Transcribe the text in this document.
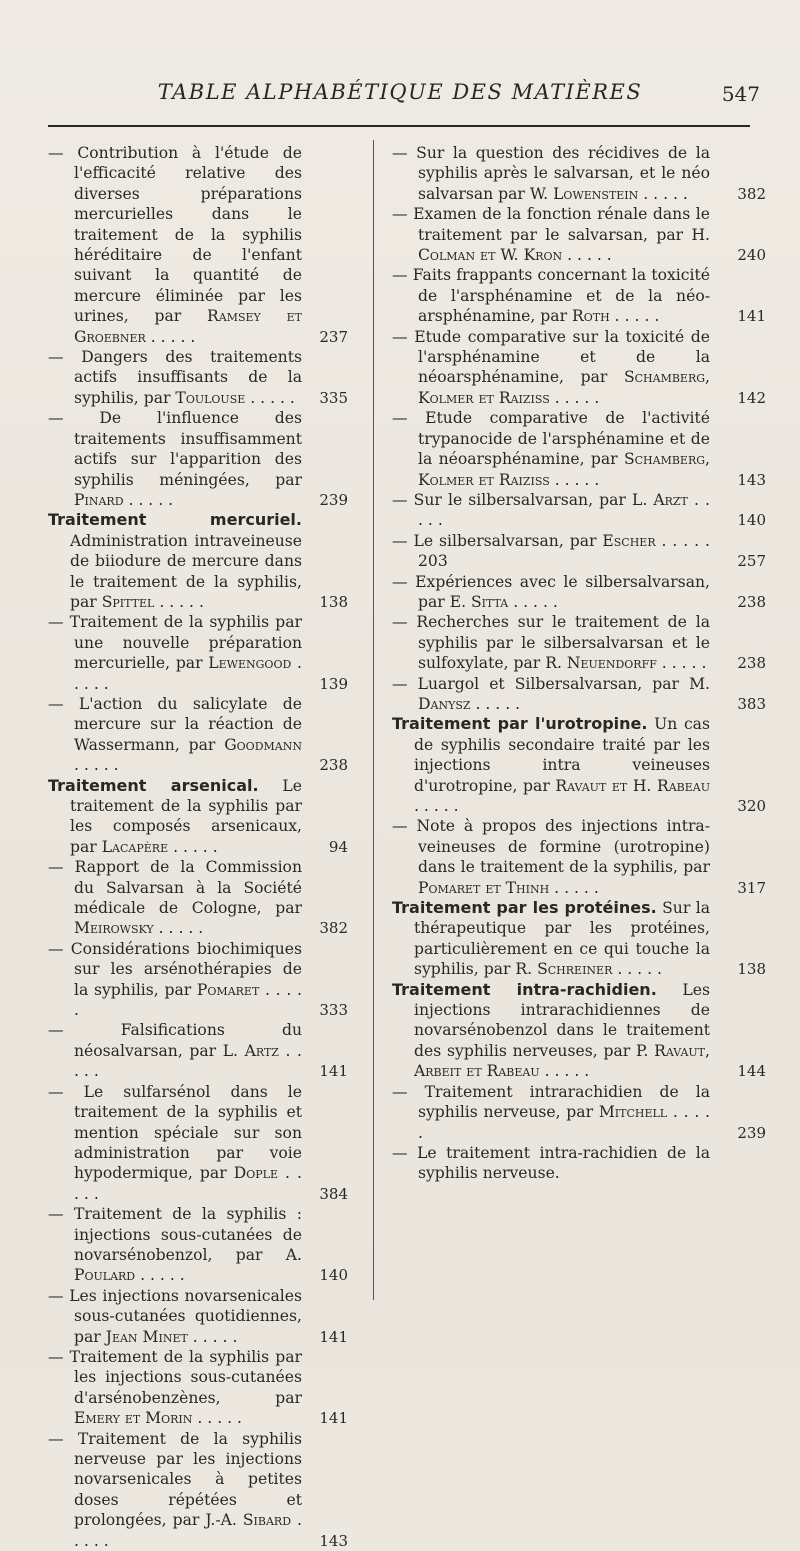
TABLE ALPHABÉTIQUE DES MATIÈRES	547
— Contribution à l'étude de l'efficacité relative des diverses préparations mercurielles dans le traitement de la syphilis héréditaire de l'enfant suivant la quantité de mercure éliminée par les urines, par Ramsey et Groebner . . . . .	237
— Dangers des traitements actifs insuffisants de la syphilis, par Toulouse . . . . .	335
— De l'influence des traitements insuffisamment actifs sur l'apparition des syphilis méningées, par Pinard . . . . .	239
Traitement mercuriel. Administration intraveineuse de biiodure de mercure dans le traitement de la syphilis, par Spittel . . . . .	138
— Traitement de la syphilis par une nouvelle préparation mercurielle, par Lewengood . . . . .	139
— L'action du salicylate de mercure sur la réaction de Wassermann, par Goodmann . . . . .	238
Traitement arsenical. Le traitement de la syphilis par les composés arsenicaux, par Lacapère . . . . .	94
— Rapport de la Commission du Salvarsan à la Société médicale de Cologne, par Meirowsky . . . . .	382
— Considérations biochimiques sur les arsénothérapies de la syphilis, par Pomaret . . . . .	333
— Falsifications du néosalvarsan, par L. Artz . . . . .	141
— Le sulfarsénol dans le traitement de la syphilis et mention spéciale sur son administration par voie hypodermique, par Dople . . . . .	384
— Traitement de la syphilis : injections sous-cutanées de novarsénobenzol, par A. Poulard . . . . .	140
— Les injections novarsenicales sous-cutanées quotidiennes, par Jean Minet . . . . .	141
— Traitement de la syphilis par les injections sous-cutanées d'arsénobenzènes, par Emery et Morin . . . . .	141
— Traitement de la syphilis nerveuse par les injections novarsenicales à petites doses répétées et prolongées, par J.-A. Sibard . . . . .	143
— Sur la question des récidives de la syphilis après le salvarsan, et le néo salvarsan par W. Lowenstein . . . . .	382
— Examen de la fonction rénale dans le traitement par le salvarsan, par H. Colman et W. Kron . . . . .	240
— Faits frappants concernant la toxicité de l'arsphénamine et de la néo-arsphénamine, par Roth . . . . .	141
— Etude comparative sur la toxicité de l'arsphénamine et de la néoarsphénamine, par Schamberg, Kolmer et Raiziss . . . . .	142
— Etude comparative de l'activité trypanocide de l'arsphénamine et de la néoarsphénamine, par Schamberg, Kolmer et Raiziss . . . . .	143
— Sur le silbersalvarsan, par L. Arzt . . . . .	140
— Le silbersalvarsan, par Escher . . . . . 203	257
— Expériences avec le silbersalvarsan, par E. Sitta . . . . .	238
— Recherches sur le traitement de la syphilis par le silbersalvarsan et le sulfoxylate, par R. Neuendorff . . . . .	238
— Luargol et Silbersalvarsan, par M. Danysz . . . . .	383
Traitement par l'urotropine. Un cas de syphilis secondaire traité par les injections intra veineuses d'urotropine, par Ravaut et H. Rabeau . . . . .	320
— Note à propos des injections intra-veineuses de formine (urotropine) dans le traitement de la syphilis, par Pomaret et Thinh . . . . .	317
Traitement par les protéines. Sur la thérapeutique par les protéines, particulièrement en ce qui touche la syphilis, par R. Schreiner . . . . .	138
Traitement intra-rachidien. Les injections intrarachidiennes de novarsénobenzol dans le traitement des syphilis nerveuses, par P. Ravaut, Arbeit et Rabeau . . . . .	144
— Traitement intrarachidien de la syphilis nerveuse, par Mitchell . . . . .	239
— Le traitement intra-rachidien de la syphilis nerveuse.
